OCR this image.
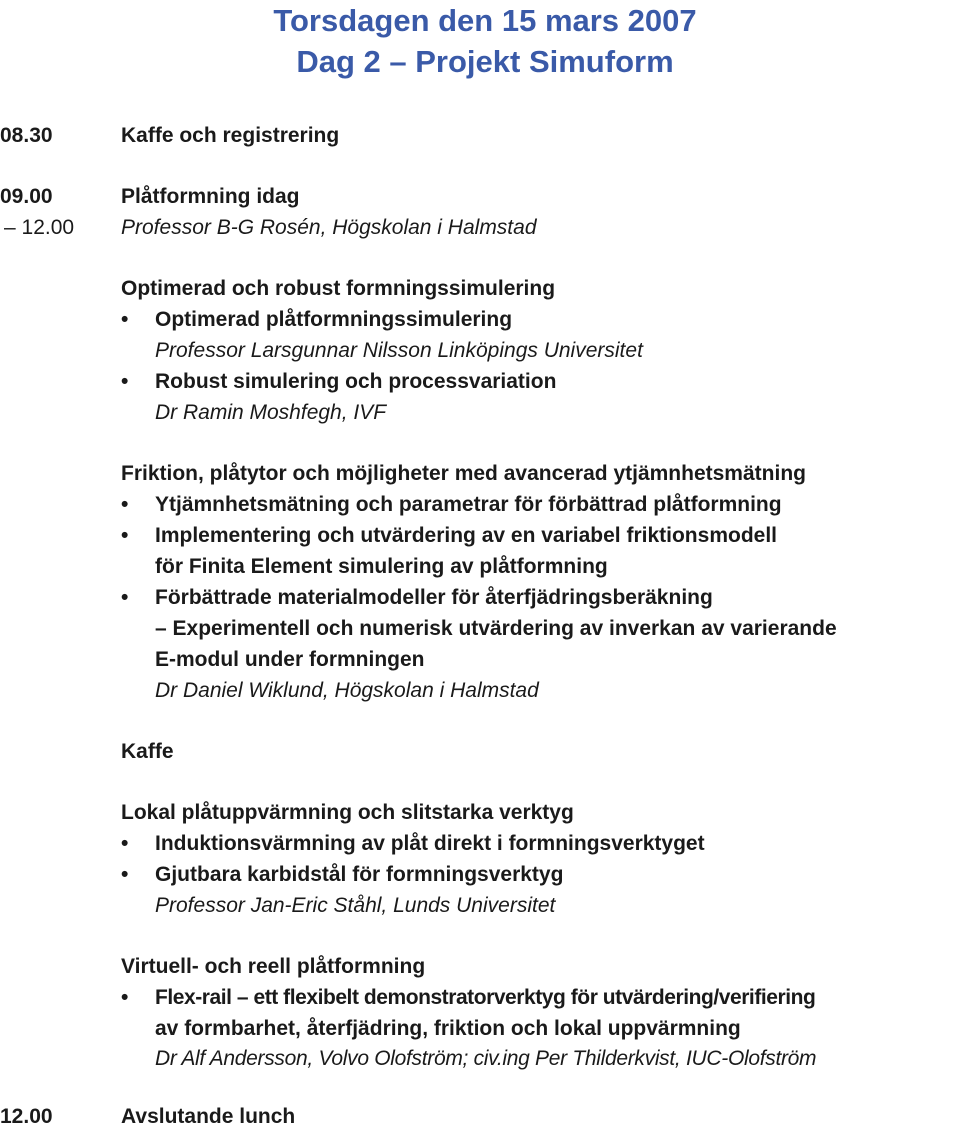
Torsdagen den 15 mars 2007
Dag 2 – Projekt Simuform
08.30	Kaffe och registrering
09.00
– 12.00
Plåtformning idag
Professor B-G Rosén, Högskolan i Halmstad
Optimerad och robust formningssimulering
• Optimerad plåtformningssimulering
Professor Larsgunnar Nilsson Linköpings Universitet
• Robust simulering och processvariation
Dr Ramin Moshfegh, IVF
Friktion, plåtytor och möjligheter med avancerad ytjämnhetsmätning
• Ytjämnhetsmätning och parametrar för förbättrad plåtformning
• Implementering och utvärdering av en variabel friktionsmodell
för Finita Element simulering av plåtformning
• Förbättrade materialmodeller för återfjädringsberäkning
– Experimentell och numerisk utvärdering av inverkan av varierande
E-modul under formningen
Dr Daniel Wiklund, Högskolan i Halmstad
Kaffe
Lokal plåtuppvärmning och slitstarka verktyg
• Induktionsvärmning av plåt direkt i formningsverktyget
• Gjutbara karbidstål för formningsverktyg
Professor Jan-Eric Ståhl, Lunds Universitet
Virtuell- och reell plåtformning
• Flex-rail – ett flexibelt demonstratorverktyg för utvärdering/verifiering
av formbarhet, återfjädring, friktion och lokal uppvärmning
Dr Alf Andersson, Volvo Olofström; civ.ing Per Thilderkvist, IUC-Olofström
12.00	Avslutande lunch
